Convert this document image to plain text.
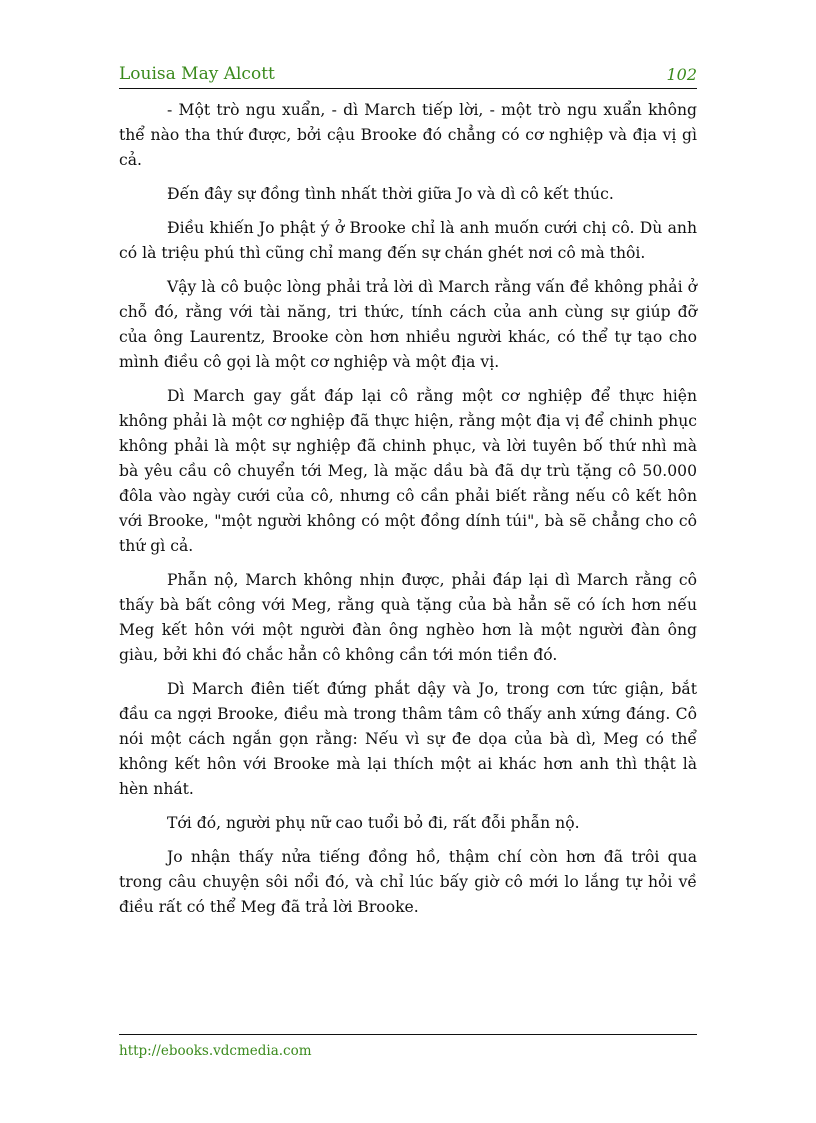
Louisa May Alcott	102

- Một trò ngu xuẩn, - dì March tiếp lời, - một trò ngu xuẩn không thể nào tha thứ được, bởi cậu Brooke đó chẳng có cơ nghiệp và địa vị gì cả.

Đến đây sự đồng tình nhất thời giữa Jo và dì cô kết thúc.

Điều khiến Jo phật ý ở Brooke chỉ là anh muốn cưới chị cô. Dù anh có là triệu phú thì cũng chỉ mang đến sự chán ghét nơi cô mà thôi.

Vậy là cô buộc lòng phải trả lời dì March rằng vấn đề không phải ở chỗ đó, rằng với tài năng, tri thức, tính cách của anh cùng sự giúp đỡ của ông Laurentz, Brooke còn hơn nhiều người khác, có thể tự tạo cho mình điều cô gọi là một cơ nghiệp và một địa vị.

Dì March gay gắt đáp lại cô rằng một cơ nghiệp để thực hiện không phải là một cơ nghiệp đã thực hiện, rằng một địa vị để chinh phục không phải là một sự nghiệp đã chinh phục, và lời tuyên bố thứ nhì mà bà yêu cầu cô chuyển tới Meg, là mặc dầu bà đã dự trù tặng cô 50.000 đôla vào ngày cưới của cô, nhưng cô cần phải biết rằng nếu cô kết hôn với Brooke, "một người không có một đồng dính túi", bà sẽ chẳng cho cô thứ gì cả.

Phẫn nộ, March không nhịn được, phải đáp lại dì March rằng cô thấy bà bất công với Meg, rằng quà tặng của bà hẳn sẽ có ích hơn nếu Meg kết hôn với một người đàn ông nghèo hơn là một người đàn ông giàu, bởi khi đó chắc hẳn cô không cần tới món tiền đó.

Dì March điên tiết đứng phắt dậy và Jo, trong cơn tức giận, bắt đầu ca ngợi Brooke, điều mà trong thâm tâm cô thấy anh xứng đáng. Cô nói một cách ngắn gọn rằng: Nếu vì sự đe dọa của bà dì, Meg có thể không kết hôn với Brooke mà lại thích một ai khác hơn anh thì thật là hèn nhát.

Tới đó, người phụ nữ cao tuổi bỏ đi, rất đỗi phẫn nộ.

Jo nhận thấy nửa tiếng đồng hồ, thậm chí còn hơn đã trôi qua trong câu chuyện sôi nổi đó, và chỉ lúc bấy giờ cô mới lo lắng tự hỏi về điều rất có thể Meg đã trả lời Brooke.

http://ebooks.vdcmedia.com
